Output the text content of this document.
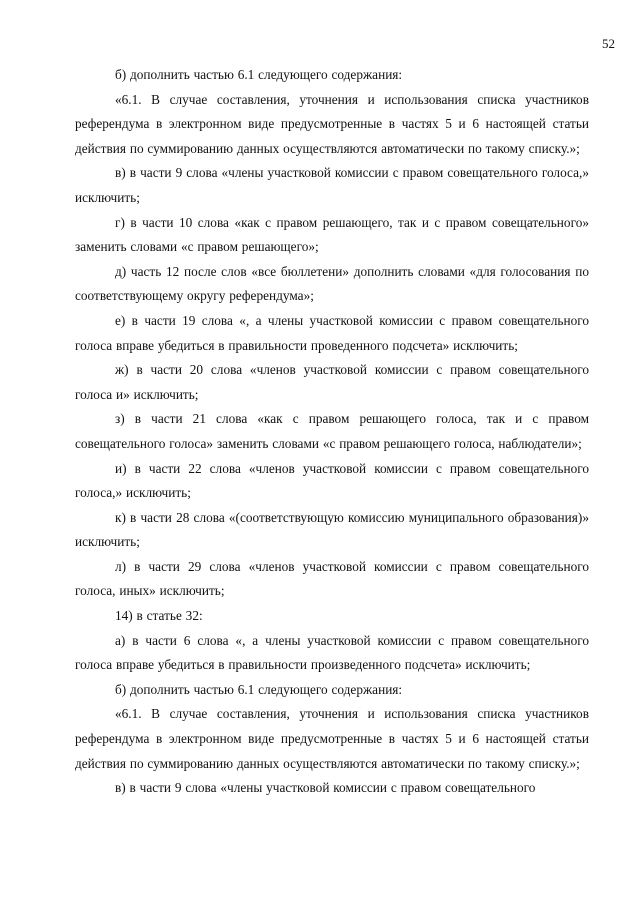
52

б) дополнить частью 6.1 следующего содержания:

«6.1. В случае составления, уточнения и использования списка участников референдума в электронном виде предусмотренные в частях 5 и 6 настоящей статьи действия по суммированию данных осуществляются автоматически по такому списку.»;

в) в части 9 слова «члены участковой комиссии с правом совещательного голоса,» исключить;

г) в части 10 слова «как с правом решающего, так и с правом совещательного» заменить словами «с правом решающего»;

д) часть 12 после слов «все бюллетени» дополнить словами «для голосования по соответствующему округу референдума»;

е) в части 19 слова «, а члены участковой комиссии с правом совещательного голоса вправе убедиться в правильности проведенного подсчета» исключить;

ж) в части 20 слова «членов участковой комиссии с правом совещательного голоса и» исключить;

з) в части 21 слова «как с правом решающего голоса, так и с правом совещательного голоса» заменить словами «с правом решающего голоса, наблюдатели»;

и) в части 22 слова «членов участковой комиссии с правом совещательного голоса,» исключить;

к) в части 28 слова «(соответствующую комиссию муниципального образования)» исключить;

л) в части 29 слова «членов участковой комиссии с правом совещательного голоса, иных» исключить;

14) в статье 32:

а) в части 6 слова «, а члены участковой комиссии с правом совещательного голоса вправе убедиться в правильности произведенного подсчета» исключить;

б) дополнить частью 6.1 следующего содержания:

«6.1. В случае составления, уточнения и использования списка участников референдума в электронном виде предусмотренные в частях 5 и 6 настоящей статьи действия по суммированию данных осуществляются автоматически по такому списку.»;

в) в части 9 слова «члены участковой комиссии с правом совещательного
